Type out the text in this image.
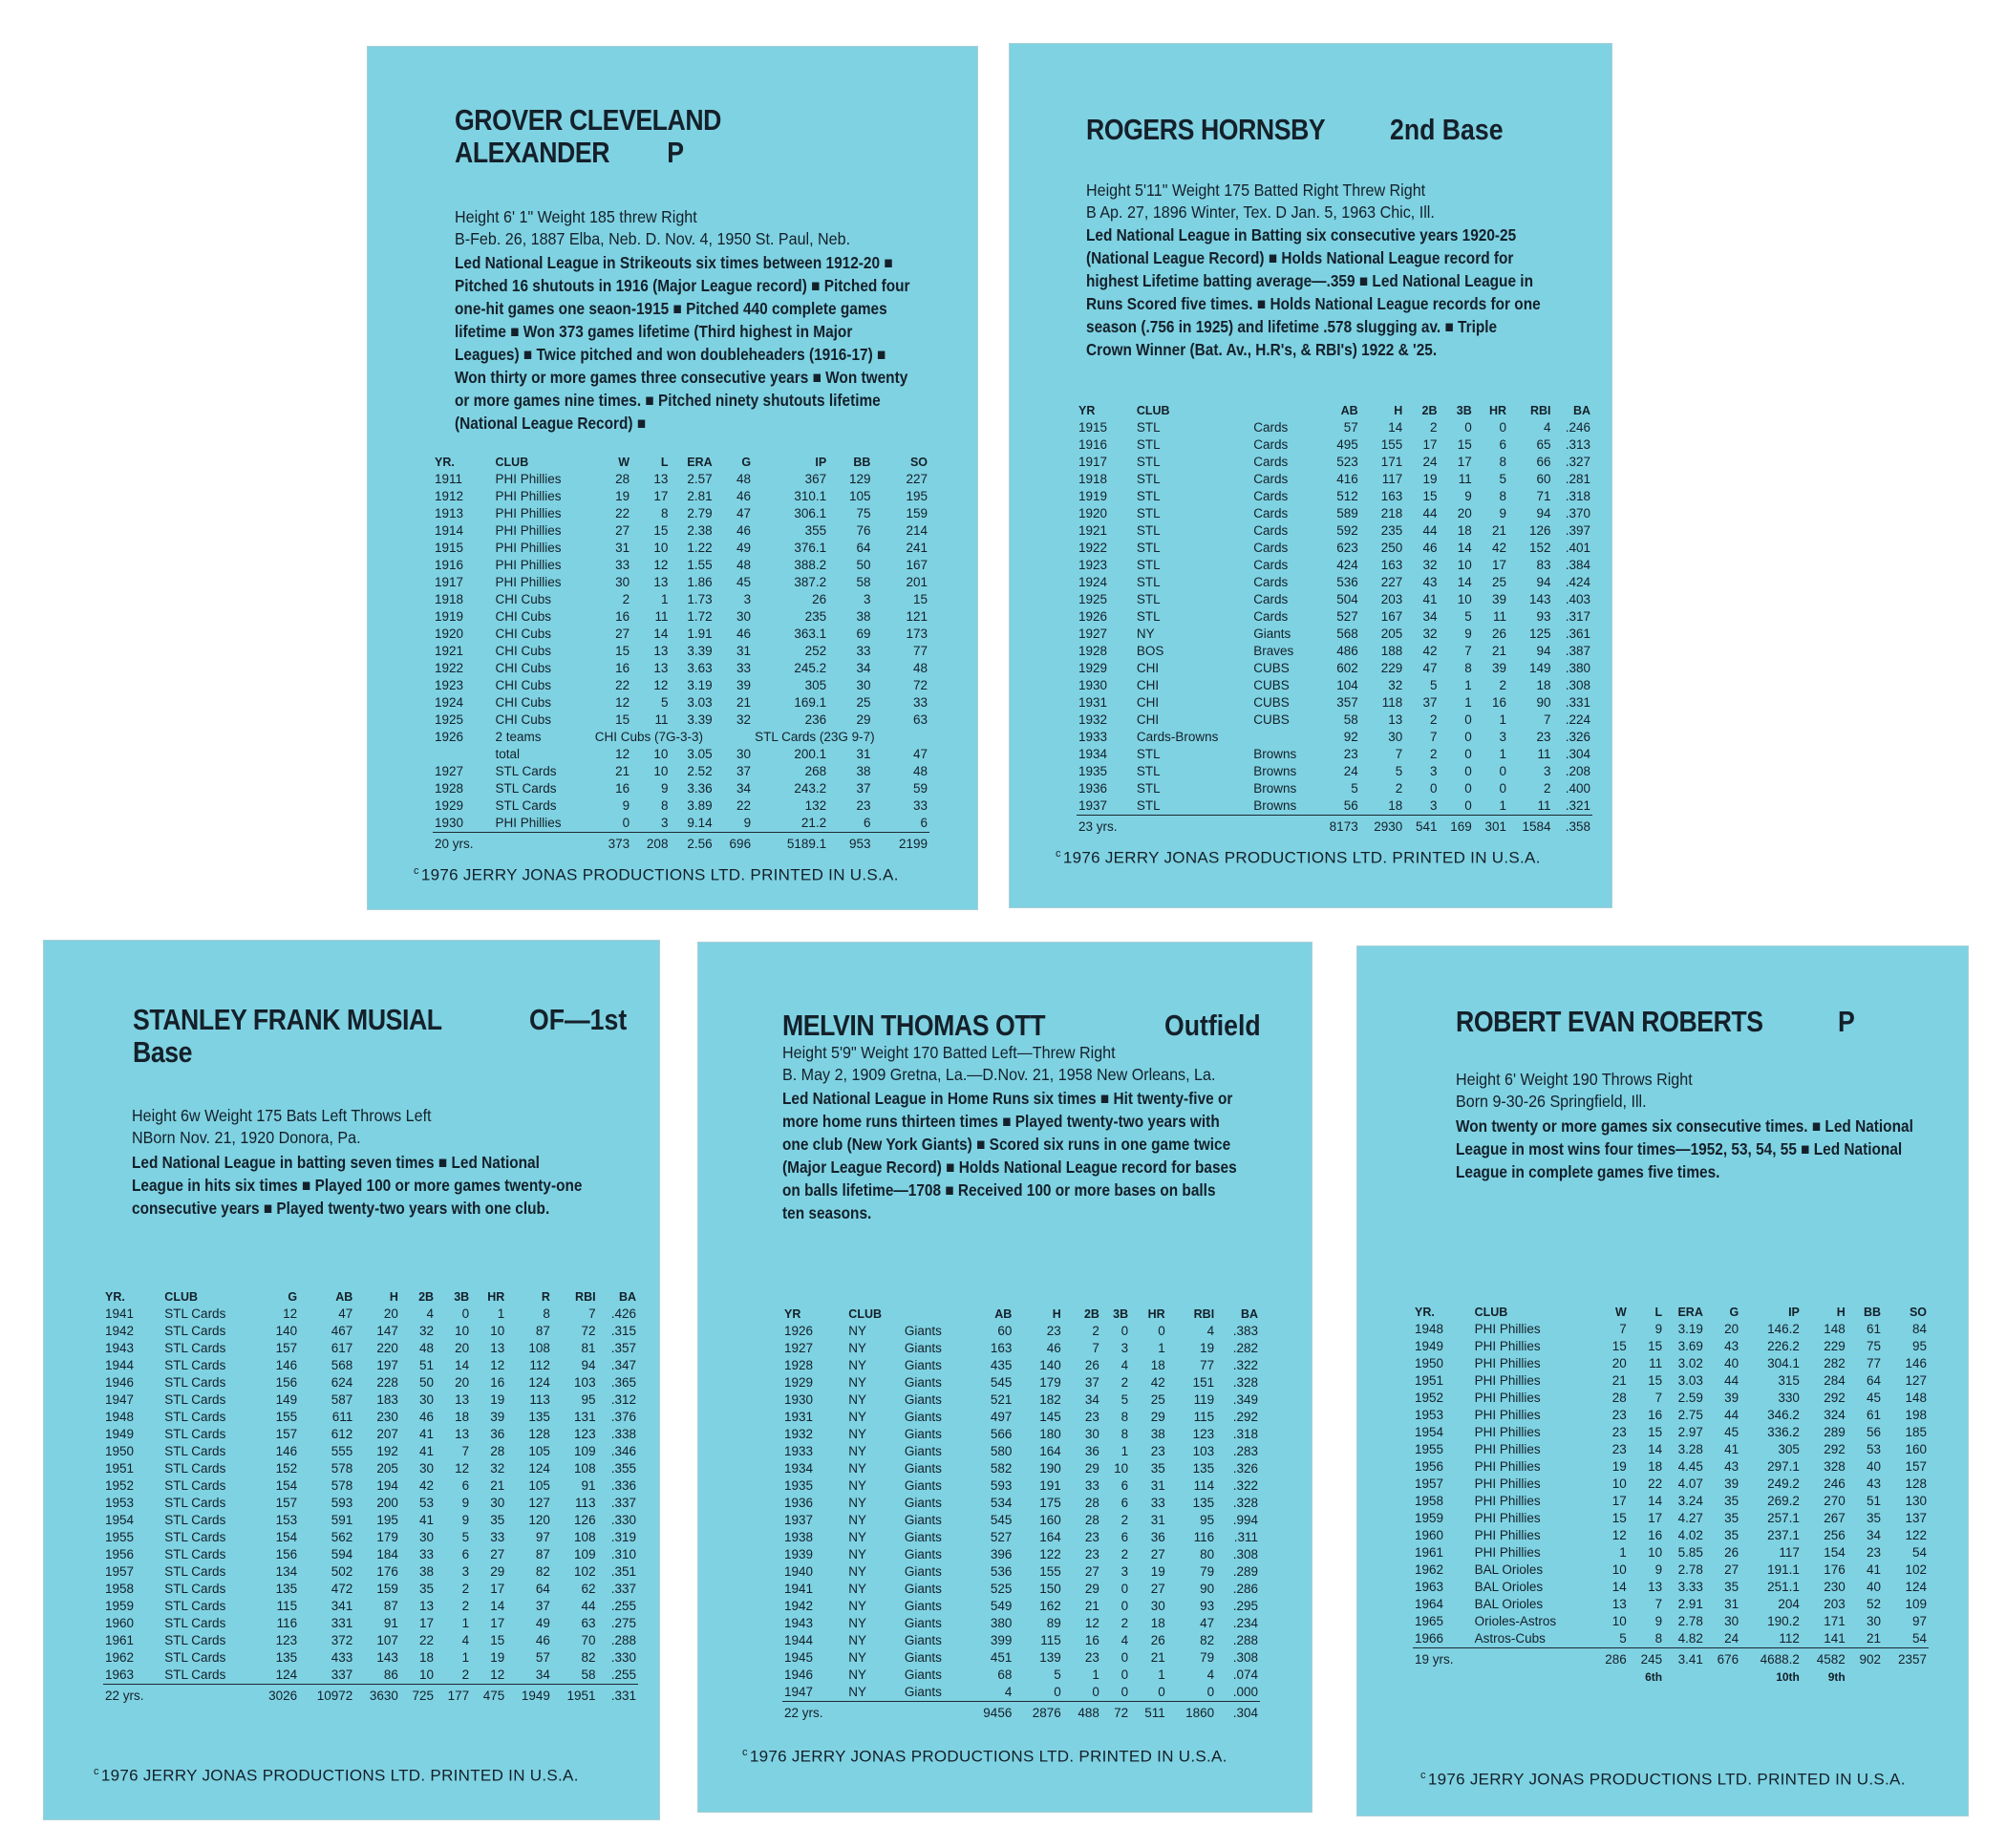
GROVER CLEVELAND
ALEXANDER P
Height 6' 1" Weight 185 threw Right
B-Feb. 26, 1887 Elba, Neb. D. Nov. 4, 1950 St. Paul, Neb.
Led National League in Strikeouts six times between 1912-20 ■
Pitched 16 shutouts in 1916 (Major League record) ■ Pitched four
one-hit games one seaon-1915 ■ Pitched 440 complete games
lifetime ■ Won 373 games lifetime (Third highest in Major
Leagues) ■ Twice pitched and won doubleheaders (1916-17) ■
Won thirty or more games three consecutive years ■ Won twenty
or more games nine times. ■ Pitched ninety shutouts lifetime
(National League Record) ■
YR.	CLUB	W	L	ERA	G	IP	BB	SO
1911	PHI Phillies	28	13	2.57	48	367	129	227
1912	PHI Phillies	19	17	2.81	46	310.1	105	195
1913	PHI Phillies	22	8	2.79	47	306.1	75	159
1914	PHI Phillies	27	15	2.38	46	355	76	214
1915	PHI Phillies	31	10	1.22	49	376.1	64	241
1916	PHI Phillies	33	12	1.55	48	388.2	50	167
1917	PHI Phillies	30	13	1.86	45	387.2	58	201
1918	CHI Cubs	2	1	1.73	3	26	3	15
1919	CHI Cubs	16	11	1.72	30	235	38	121
1920	CHI Cubs	27	14	1.91	46	363.1	69	173
1921	CHI Cubs	15	13	3.39	31	252	33	77
1922	CHI Cubs	16	13	3.63	33	245.2	34	48
1923	CHI Cubs	22	12	3.19	39	305	30	72
1924	CHI Cubs	12	5	3.03	21	169.1	25	33
1925	CHI Cubs	15	11	3.39	32	236	29	63
1926	2 teams	CHI Cubs (7G-3-3)				STL Cards (23G 9-7)		
	total	12	10	3.05	30	200.1	31	47
1927	STL Cards	21	10	2.52	37	268	38	48
1928	STL Cards	16	9	3.36	34	243.2	37	59
1929	STL Cards	9	8	3.89	22	132	23	33
1930	PHI Phillies	0	3	9.14	9	21.2	6	6
20 yrs.		373	208	2.56	696	5189.1	953	2199
$^c$ 1976 JERRY JONAS PRODUCTIONS LTD. PRINTED IN U.S.A.
ROGERS HORNSBY 2nd Base
Height 5'11" Weight 175 Batted Right Threw Right
B Ap. 27, 1896 Winter, Tex. D Jan. 5, 1963 Chic, Ill.
Led National League in Batting six consecutive years 1920-25
(National League Record) ■ Holds National League record for
highest Lifetime batting average—.359 ■ Led National League in
Runs Scored five times. ■ Holds National League records for one
season (.756 in 1925) and lifetime .578 slugging av. ■ Triple
Crown Winner (Bat. Av., H.R's, & RBI's) 1922 & '25.
YR	CLUB		AB	H	2B	3B	HR	RBI	BA
1915	STL	Cards	57	14	2	0	0	4	.246
1916	STL	Cards	495	155	17	15	6	65	.313
1917	STL	Cards	523	171	24	17	8	66	.327
1918	STL	Cards	416	117	19	11	5	60	.281
1919	STL	Cards	512	163	15	9	8	71	.318
1920	STL	Cards	589	218	44	20	9	94	.370
1921	STL	Cards	592	235	44	18	21	126	.397
1922	STL	Cards	623	250	46	14	42	152	.401
1923	STL	Cards	424	163	32	10	17	83	.384
1924	STL	Cards	536	227	43	14	25	94	.424
1925	STL	Cards	504	203	41	10	39	143	.403
1926	STL	Cards	527	167	34	5	11	93	.317
1927	NY	Giants	568	205	32	9	26	125	.361
1928	BOS	Braves	486	188	42	7	21	94	.387
1929	CHI	CUBS	602	229	47	8	39	149	.380
1930	CHI	CUBS	104	32	5	1	2	18	.308
1931	CHI	CUBS	357	118	37	1	16	90	.331
1932	CHI	CUBS	58	13	2	0	1	7	.224
1933	Cards-Browns		92	30	7	0	3	23	.326
1934	STL	Browns	23	7	2	0	1	11	.304
1935	STL	Browns	24	5	3	0	0	3	.208
1936	STL	Browns	5	2	0	0	0	2	.400
1937	STL	Browns	56	18	3	0	1	11	.321
23 yrs.			8173	2930	541	169	301	1584	.358
$^c$ 1976 JERRY JONAS PRODUCTIONS LTD. PRINTED IN U.S.A.
STANLEY FRANK MUSIAL
Base
OF—1st
Height 6w Weight 175 Bats Left Throws Left
NBorn Nov. 21, 1920 Donora, Pa.
Led National League in batting seven times ■ Led National
League in hits six times ■ Played 100 or more games twenty-one
consecutive years ■ Played twenty-two years with one club.
YR.	CLUB	G	AB	H	2B	3B	HR	R	RBI	BA
1941	STL Cards	12	47	20	4	0	1	8	7	.426
1942	STL Cards	140	467	147	32	10	10	87	72	.315
1943	STL Cards	157	617	220	48	20	13	108	81	.357
1944	STL Cards	146	568	197	51	14	12	112	94	.347
1946	STL Cards	156	624	228	50	20	16	124	103	.365
1947	STL Cards	149	587	183	30	13	19	113	95	.312
1948	STL Cards	155	611	230	46	18	39	135	131	.376
1949	STL Cards	157	612	207	41	13	36	128	123	.338
1950	STL Cards	146	555	192	41	7	28	105	109	.346
1951	STL Cards	152	578	205	30	12	32	124	108	.355
1952	STL Cards	154	578	194	42	6	21	105	91	.336
1953	STL Cards	157	593	200	53	9	30	127	113	.337
1954	STL Cards	153	591	195	41	9	35	120	126	.330
1955	STL Cards	154	562	179	30	5	33	97	108	.319
1956	STL Cards	156	594	184	33	6	27	87	109	.310
1957	STL Cards	134	502	176	38	3	29	82	102	.351
1958	STL Cards	135	472	159	35	2	17	64	62	.337
1959	STL Cards	115	341	87	13	2	14	37	44	.255
1960	STL Cards	116	331	91	17	1	17	49	63	.275
1961	STL Cards	123	372	107	22	4	15	46	70	.288
1962	STL Cards	135	433	143	18	1	19	57	82	.330
1963	STL Cards	124	337	86	10	2	12	34	58	.255
22 yrs.		3026	10972	3630	725	177	475	1949	1951	.331
$^c$ 1976 JERRY JONAS PRODUCTIONS LTD. PRINTED IN U.S.A.
MELVIN THOMAS OTT	Outfield
Height 5'9" Weight 170 Batted Left—Threw Right
B. May 2, 1909 Gretna, La.—D.Nov. 21, 1958 New Orleans, La.
Led National League in Home Runs six times ■ Hit twenty-five or
more home runs thirteen times ■ Played twenty-two years with
one club (New York Giants) ■ Scored six runs in one game twice
(Major League Record) ■ Holds National League record for bases
on balls lifetime—1708 ■ Received 100 or more bases on balls
ten seasons.
YR	CLUB		AB	H	2B	3B	HR	RBI	BA
1926	NY	Giants	60	23	2	0	0	4	.383
1927	NY	Giants	163	46	7	3	1	19	.282
1928	NY	Giants	435	140	26	4	18	77	.322
1929	NY	Giants	545	179	37	2	42	151	.328
1930	NY	Giants	521	182	34	5	25	119	.349
1931	NY	Giants	497	145	23	8	29	115	.292
1932	NY	Giants	566	180	30	8	38	123	.318
1933	NY	Giants	580	164	36	1	23	103	.283
1934	NY	Giants	582	190	29	10	35	135	.326
1935	NY	Giants	593	191	33	6	31	114	.322
1936	NY	Giants	534	175	28	6	33	135	.328
1937	NY	Giants	545	160	28	2	31	95	.994
1938	NY	Giants	527	164	23	6	36	116	.311
1939	NY	Giants	396	122	23	2	27	80	.308
1940	NY	Giants	536	155	27	3	19	79	.289
1941	NY	Giants	525	150	29	0	27	90	.286
1942	NY	Giants	549	162	21	0	30	93	.295
1943	NY	Giants	380	89	12	2	18	47	.234
1944	NY	Giants	399	115	16	4	26	82	.288
1945	NY	Giants	451	139	23	0	21	79	.308
1946	NY	Giants	68	5	1	0	1	4	.074
1947	NY	Giants	4	0	0	0	0	0	.000
22 yrs.			9456	2876	488	72	511	1860	.304
$^c$ 1976 JERRY JONAS PRODUCTIONS LTD. PRINTED IN U.S.A.
ROBERT EVAN ROBERTS	P
Height 6' Weight 190 Throws Right
Born 9-30-26 Springfield, Ill.
Won twenty or more games six consecutive times. ■ Led National
League in most wins four times—1952, 53, 54, 55 ■ Led National
League in complete games five times.
YR.	CLUB	W	L	ERA	G	IP	H	BB	SO
1948	PHI Phillies	7	9	3.19	20	146.2	148	61	84
1949	PHI Phillies	15	15	3.69	43	226.2	229	75	95
1950	PHI Phillies	20	11	3.02	40	304.1	282	77	146
1951	PHI Phillies	21	15	3.03	44	315	284	64	127
1952	PHI Phillies	28	7	2.59	39	330	292	45	148
1953	PHI Phillies	23	16	2.75	44	346.2	324	61	198
1954	PHI Phillies	23	15	2.97	45	336.2	289	56	185
1955	PHI Phillies	23	14	3.28	41	305	292	53	160
1956	PHI Phillies	19	18	4.45	43	297.1	328	40	157
1957	PHI Phillies	10	22	4.07	39	249.2	246	43	128
1958	PHI Phillies	17	14	3.24	35	269.2	270	51	130
1959	PHI Phillies	15	17	4.27	35	257.1	267	35	137
1960	PHI Phillies	12	16	4.02	35	237.1	256	34	122
1961	PHI Phillies	1	10	5.85	26	117	154	23	54
1962	BAL Orioles	10	9	2.78	27	191.1	176	41	102
1963	BAL Orioles	14	13	3.33	35	251.1	230	40	124
1964	BAL Orioles	13	7	2.91	31	204	203	52	109
1965	Orioles-Astros	10	9	2.78	30	190.2	171	30	97
1966	Astros-Cubs	5	8	4.82	24	112	141	21	54
19 yrs.		286	245	3.41	676	4688.2	4582	902	2357
			6th			10th	9th		
$^c$ 1976 JERRY JONAS PRODUCTIONS LTD. PRINTED IN U.S.A.
